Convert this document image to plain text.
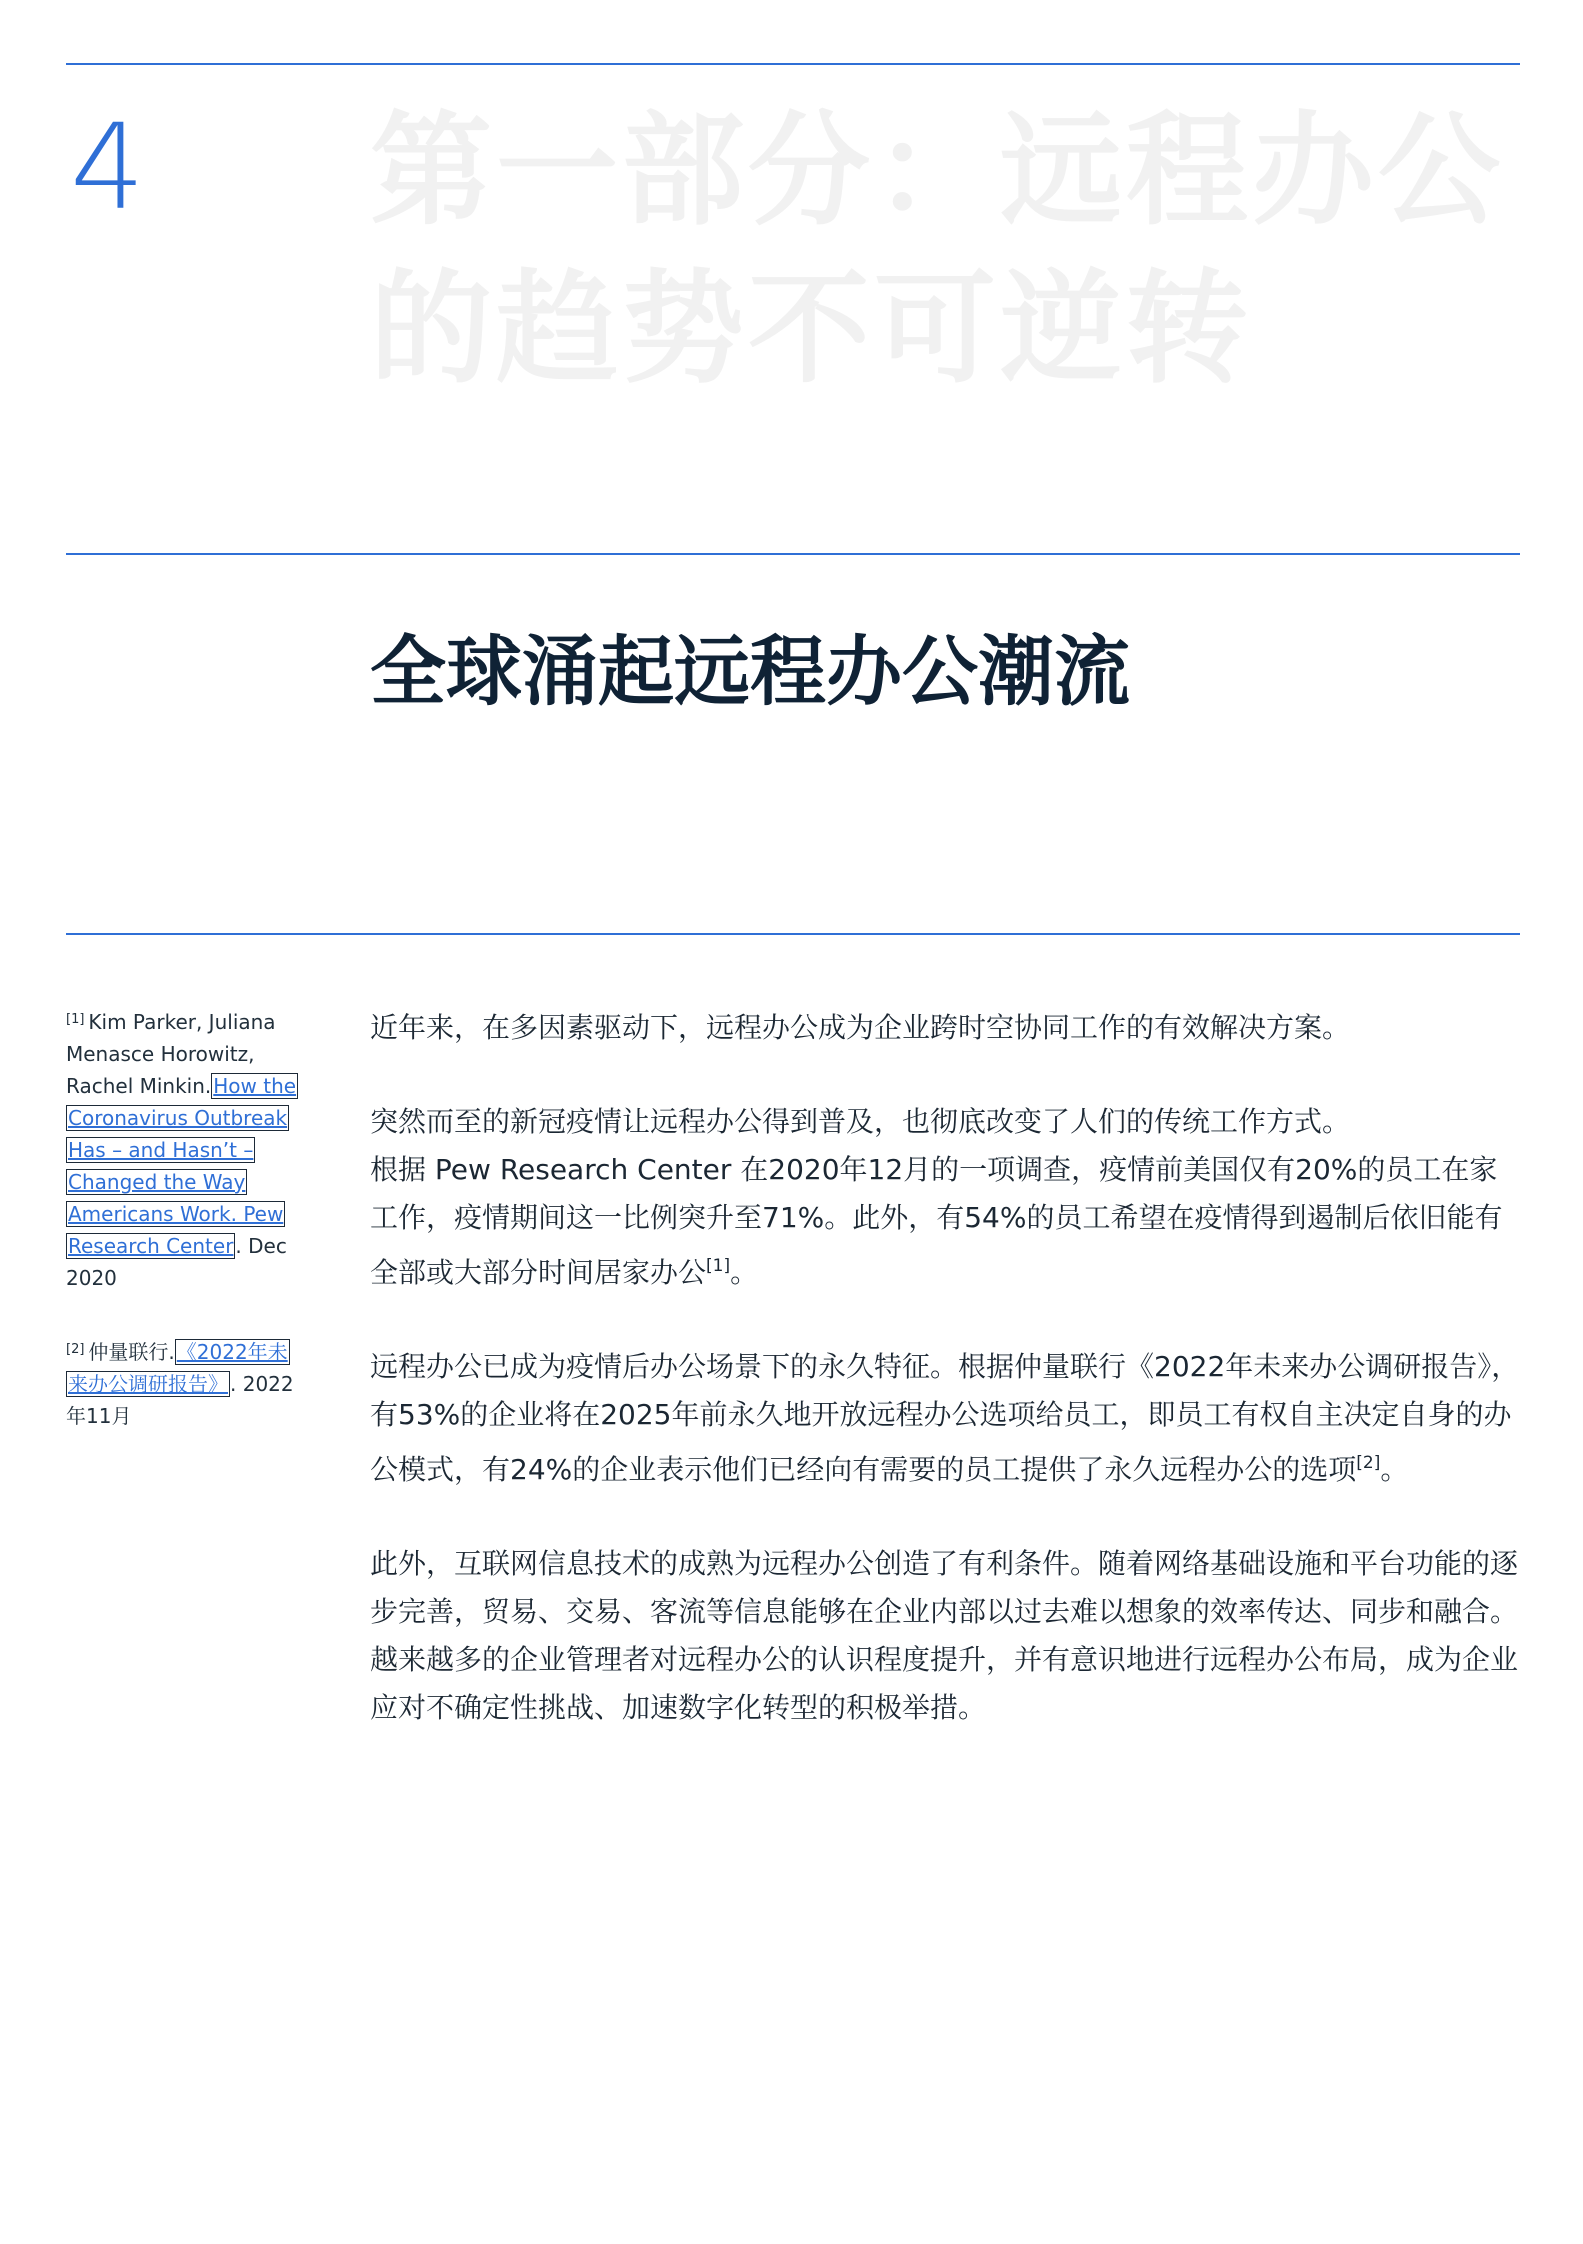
4 第一部分：远程办公的趋势不可逆转
全球涌起远程办公潮流
[1] Kim Parker, Juliana Menasce Horowitz, Rachel Minkin. How the Coronavirus Outbreak Has – and Hasn’t – Changed the Way Americans Work. Pew Research Center . Dec 2020
[2] 仲量联行. 《2022年未来办公调研报告》 . 2022年11月

近年来，在多因素驱动下，远程办公成为企业跨时空协同工作的有效解决方案。

突然而至的新冠疫情让远程办公得到普及，也彻底改变了人们的传统工作方式。

根据 Pew Research Center 在2020年12月的一项调查，疫情前美国仅有20%的员工在家工作，疫情期间这一比例突升至71%。此外，有54%的员工希望在疫情得到遏制后依旧能有全部或大部分时间居家办公[1]。

远程办公已成为疫情后办公场景下的永久特征。根据仲量联行《2022年未来办公调研报告》，有53%的企业将在2025年前永久地开放远程办公选项给员工，即员工有权自主决定自身的办公模式，有24%的企业表示他们已经向有需要的员工提供了永久远程办公的选项[2]。

此外，互联网信息技术的成熟为远程办公创造了有利条件。随着网络基础设施和平台功能的逐步完善，贸易、交易、客流等信息能够在企业内部以过去难以想象的效率传达、同步和融合。越来越多的企业管理者对远程办公的认识程度提升，并有意识地进行远程办公布局，成为企业应对不确定性挑战、加速数字化转型的积极举措。
